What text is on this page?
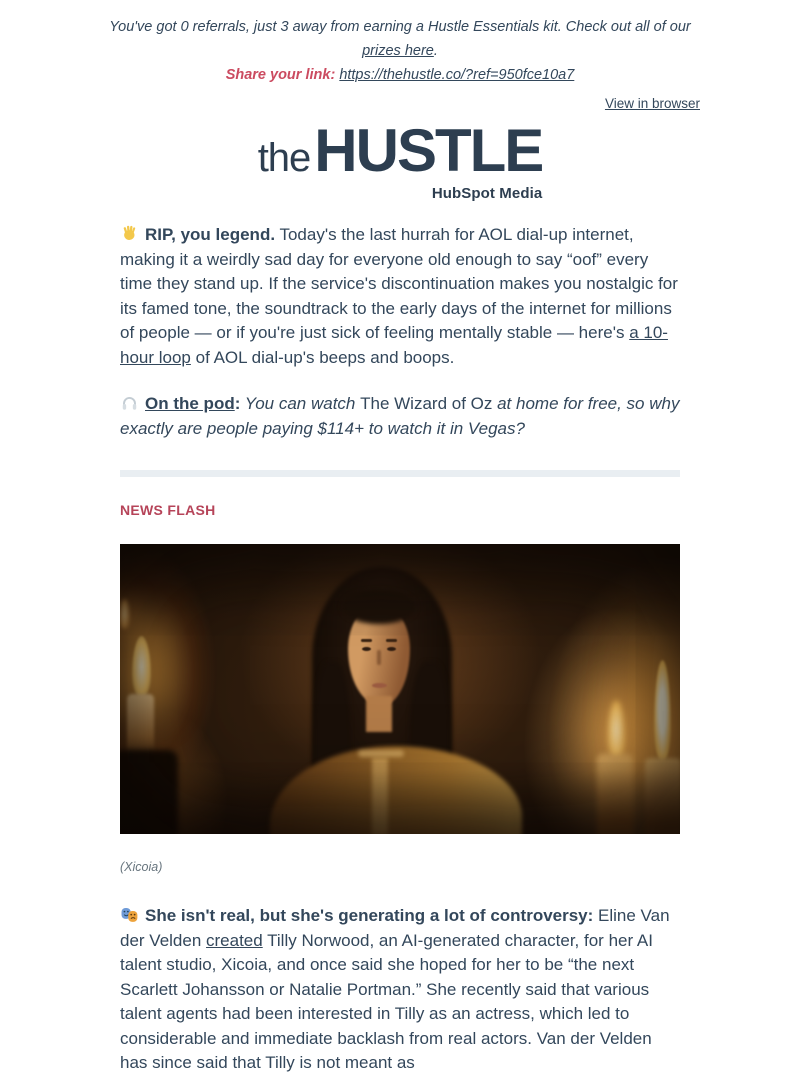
You've got 0 referrals, just 3 away from earning a Hustle Essentials kit. Check out all of our prizes here.
Share your link: https://thehustle.co/?ref=950fce10a7

View in browser
the HUSTLE
HubSpot Media

RIP, you legend. Today's the last hurrah for AOL dial-up internet, making it a weirdly sad day for everyone old enough to say “oof” every time they stand up. If the service's discontinuation makes you nostalgic for its famed tone, the soundtrack to the early days of the internet for millions of people — or if you're just sick of feeling mentally stable — here's a 10-hour loop of AOL dial-up's beeps and boops.

On the pod: You can watch The Wizard of Oz at home for free, so why exactly are people paying $114+ to watch it in Vegas?

NEWS FLASH
(Xicoia)

She isn't real, but she's generating a lot of controversy: Eline Van der Velden created Tilly Norwood, an AI-generated character, for her AI talent studio, Xicoia, and once said she hoped for her to be “the next Scarlett Johansson or Natalie Portman.” She recently said that various talent agents had been interested in Tilly as an actress, which led to considerable and immediate backlash from real actors. Van der Velden has since said that Tilly is not meant as
